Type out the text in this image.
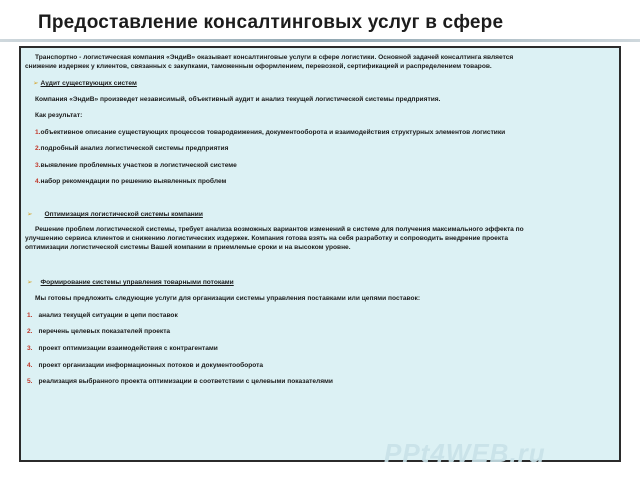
Предоставление консалтинговых услуг в сфере
Транспортно - логистическая компания «ЭндиВ» оказывает консалтинговые услуги в сфере логистики. Основной задачей консалтинга является
снижение издержек у клиентов, связанных с закупками, таможенным оформлением, перевозкой, сертификацией и распределением товаров.
➢ Аудит существующих систем
Компания «ЭндиВ» произведет независимый, объективный аудит и анализ текущей логистической системы предприятия.
Как результат:
1.объективное описание существующих процессов товародвижения, документооборота и взаимодействия структурных элементов логистики
2.подробный анализ логистической системы предприятия
3.выявление проблемных участков в логистической системе
4.набор рекомендации по решению выявленных проблем
➢ Оптимизация логистической системы компании
Решение проблем логистической системы, требует анализа возможных вариантов изменений в системе для получения максимального эффекта по
улучшению сервиса клиентов и снижению логистических издержек. Компания готова взять на себя разработку и сопроводить внедрение проекта
оптимизации логистической системы Вашей компании в приемлемые сроки и на высоком уровне.
➢ Формирование системы управления товарными потоками
Мы готовы предложить следующие услуги для организации системы управления поставками или цепями поставок:
1. анализ текущей ситуации в цепи поставок
2. перечень целевых показателей проекта
3. проект оптимизации взаимодействия с контрагентами
4. проект организации информационных потоков и документооборота
5. реализация выбранного проекта оптимизации в соответствии с целевыми показателями
PPt4WEB.ru
